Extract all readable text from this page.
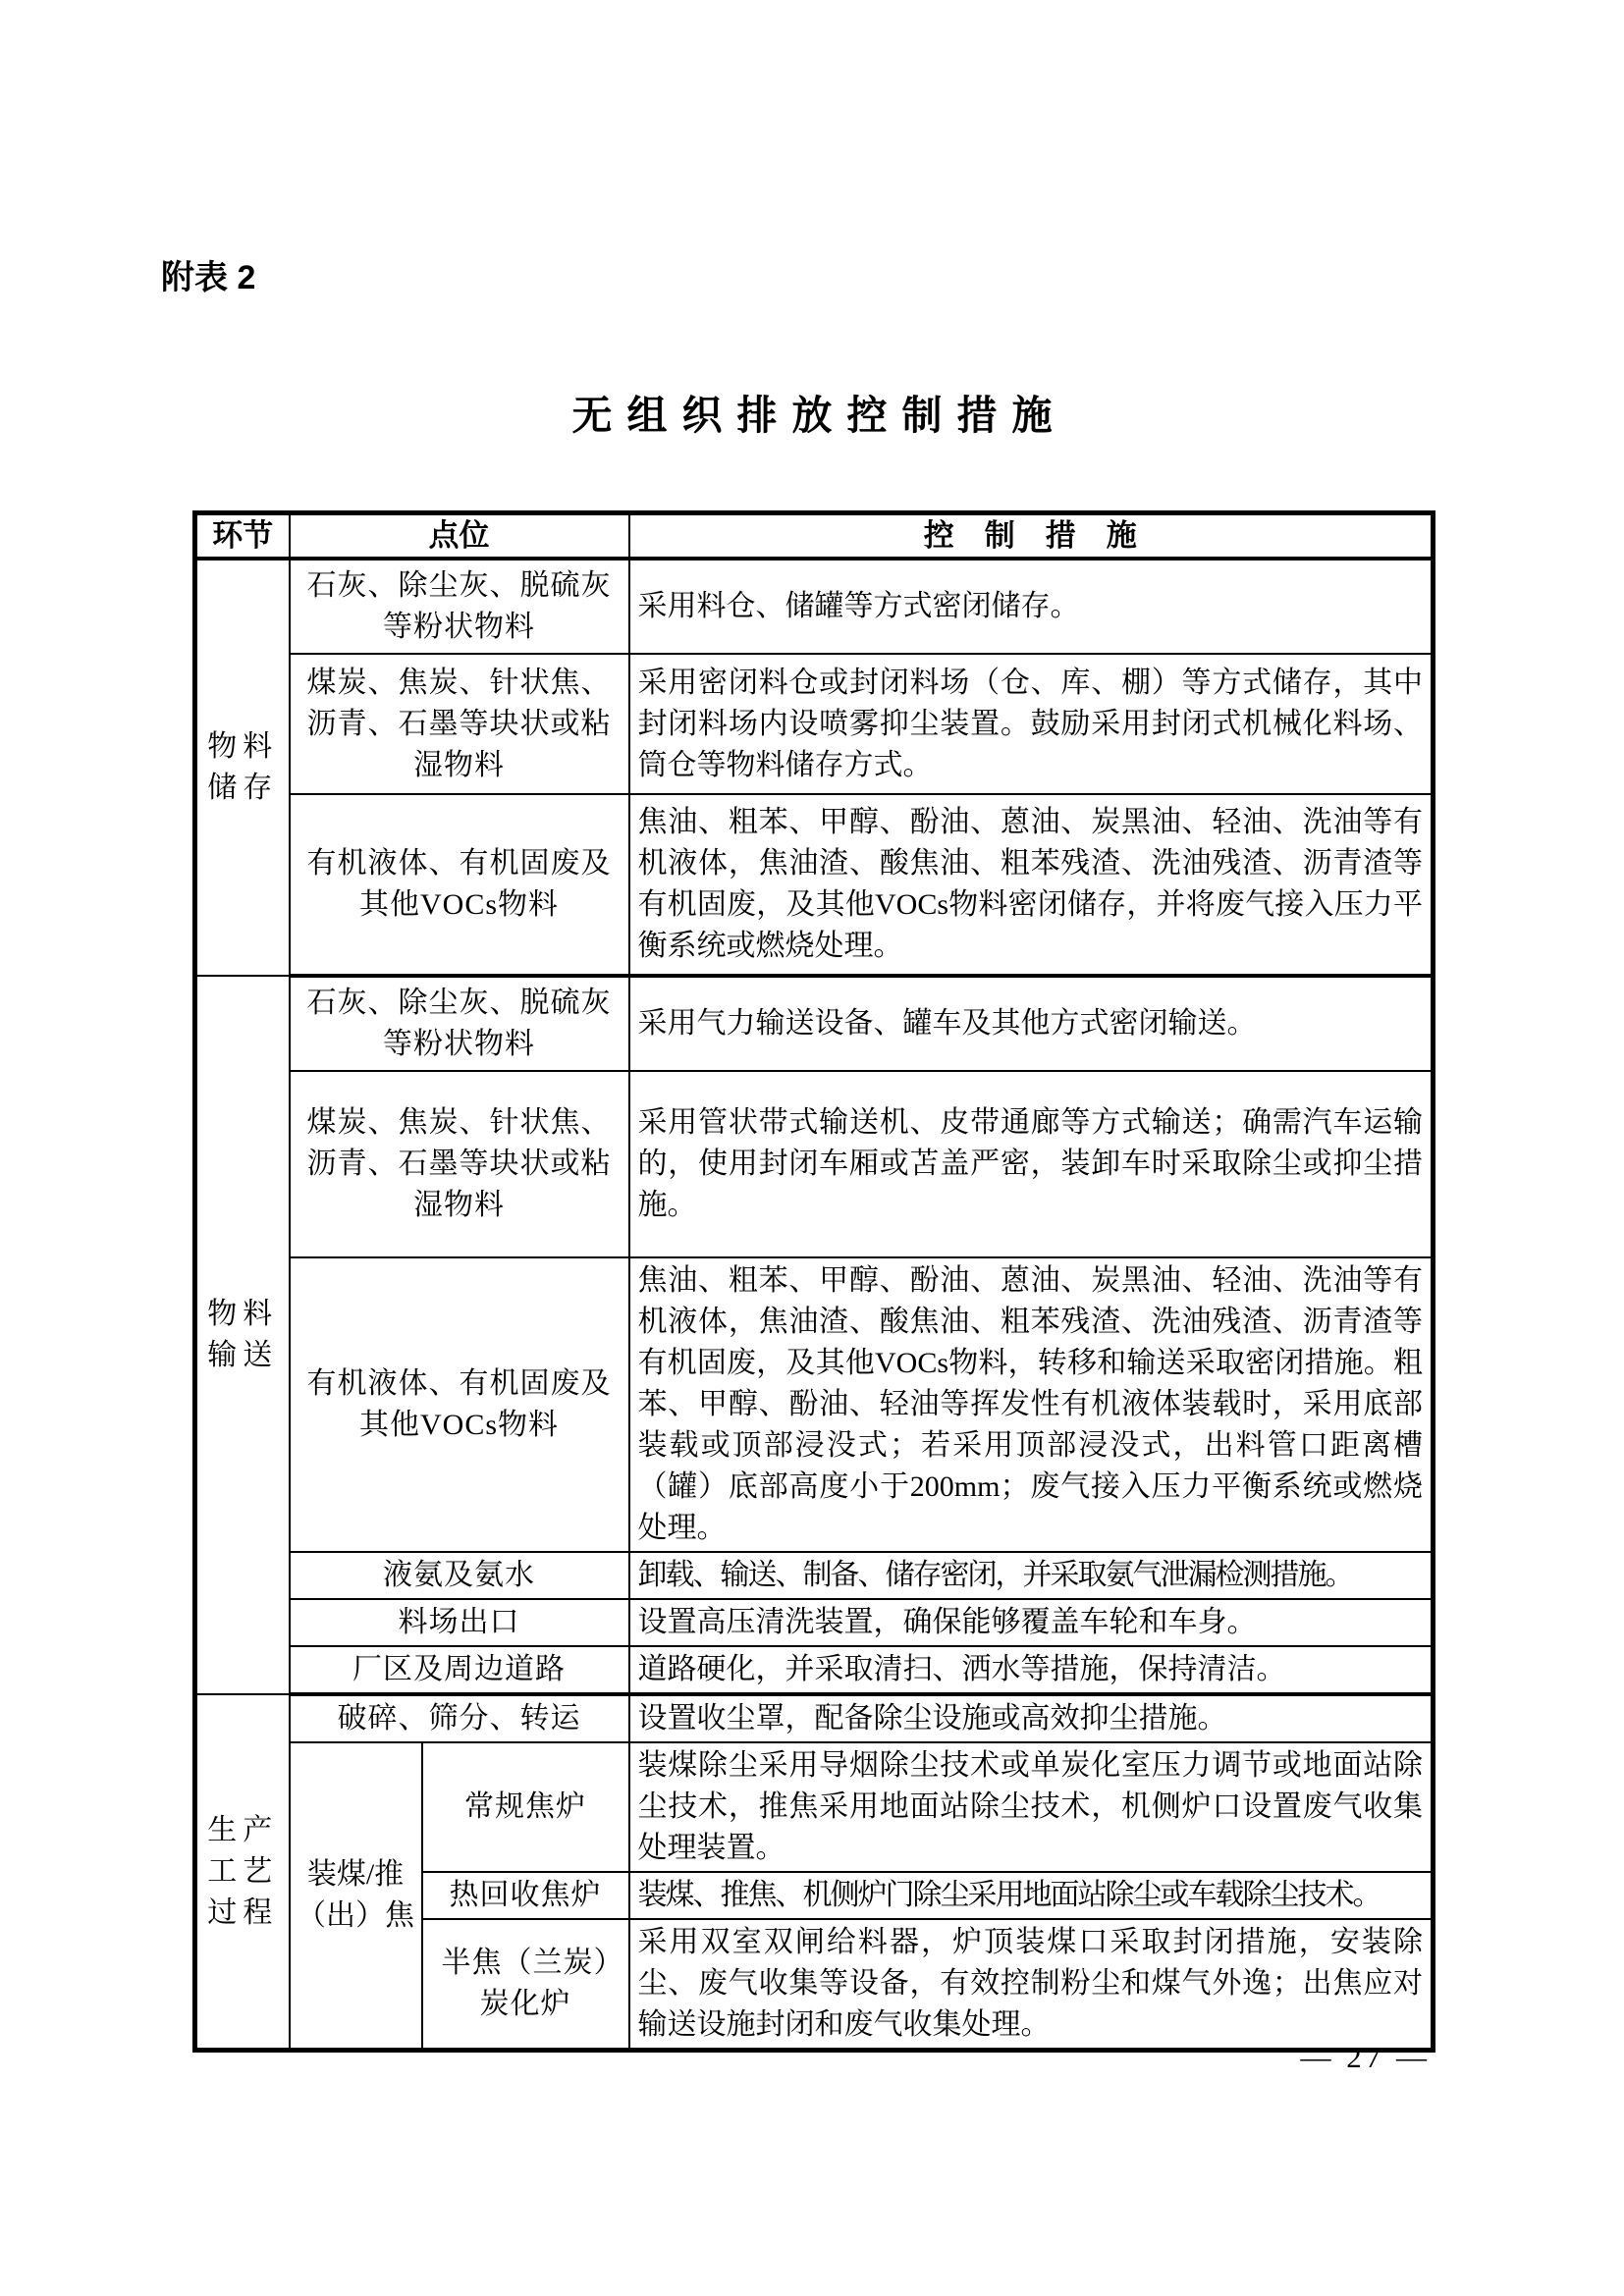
附表 2
无组织排放控制措施
环节	点位		控　制　措　施
物料储存	石灰、除尘灰、脱硫灰等粉状物料		采用料仓、储罐等方式密闭储存。
	煤炭、焦炭、针状焦、沥青、石墨等块状或粘湿物料		采用密闭料仓或封闭料场（仓、库、棚）等方式储存，其中封闭料场内设喷雾抑尘装置。鼓励采用封闭式机械化料场、筒仓等物料储存方式。
	有机液体、有机固废及其他VOCs物料		焦油、粗苯、甲醇、酚油、蒽油、炭黑油、轻油、洗油等有机液体，焦油渣、酸焦油、粗苯残渣、洗油残渣、沥青渣等有机固废，及其他VOCs物料密闭储存，并将废气接入压力平衡系统或燃烧处理。
物料输送	石灰、除尘灰、脱硫灰等粉状物料		采用气力输送设备、罐车及其他方式密闭输送。
	煤炭、焦炭、针状焦、沥青、石墨等块状或粘湿物料		采用管状带式输送机、皮带通廊等方式输送；确需汽车运输的，使用封闭车厢或苫盖严密，装卸车时采取除尘或抑尘措施。
	有机液体、有机固废及其他VOCs物料		焦油、粗苯、甲醇、酚油、蒽油、炭黑油、轻油、洗油等有机液体，焦油渣、酸焦油、粗苯残渣、洗油残渣、沥青渣等有机固废，及其他VOCs物料，转移和输送采取密闭措施。粗苯、甲醇、酚油、轻油等挥发性有机液体装载时，采用底部装载或顶部浸没式；若采用顶部浸没式，出料管口距离槽（罐）底部高度小于200mm；废气接入压力平衡系统或燃烧处理。
	液氨及氨水		卸载、输送、制备、储存密闭，并采取氨气泄漏检测措施。
	料场出口		设置高压清洗装置，确保能够覆盖车轮和车身。
	厂区及周边道路		道路硬化，并采取清扫、洒水等措施，保持清洁。
生产工艺过程	破碎、筛分、转运		设置收尘罩，配备除尘设施或高效抑尘措施。
	装煤/推（出）焦	常规焦炉	装煤除尘采用导烟除尘技术或单炭化室压力调节或地面站除尘技术，推焦采用地面站除尘技术，机侧炉口设置废气收集处理装置。
		热回收焦炉	装煤、推焦、机侧炉门除尘采用地面站除尘或车载除尘技术。
		半焦（兰炭）炭化炉	采用双室双闸给料器，炉顶装煤口采取封闭措施，安装除尘、废气收集等设备，有效控制粉尘和煤气外逸；出焦应对输送设施封闭和废气收集处理。
— 27 —
